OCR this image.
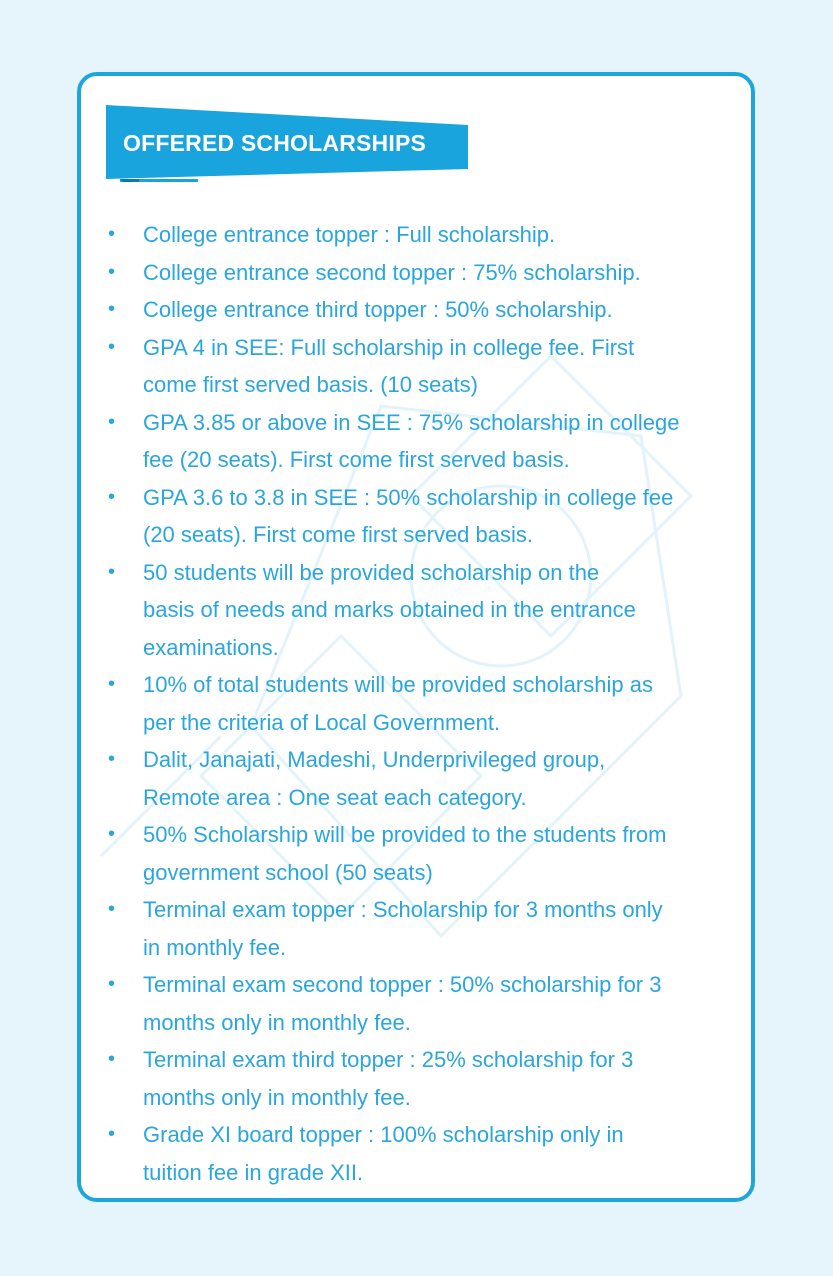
OFFERED SCHOLARSHIPS
• College entrance topper : Full scholarship.
• College entrance second topper : 75% scholarship.
• College entrance third topper : 50% scholarship.
• GPA 4 in SEE: Full scholarship in college fee. First
come first served basis. (10 seats)
• GPA 3.85 or above in SEE : 75% scholarship in college
fee (20 seats). First come first served basis.
• GPA 3.6 to 3.8 in SEE : 50% scholarship in college fee
(20 seats). First come first served basis.
• 50 students will be provided scholarship on the
basis of needs and marks obtained in the entrance
examinations.
• 10% of total students will be provided scholarship as
per the criteria of Local Government.
• Dalit, Janajati, Madeshi, Underprivileged group,
Remote area : One seat each category.
• 50% Scholarship will be provided to the students from
government school (50 seats)
• Terminal exam topper : Scholarship for 3 months only
in monthly fee.
• Terminal exam second topper : 50% scholarship for 3
months only in monthly fee.
• Terminal exam third topper : 25% scholarship for 3
months only in monthly fee.
• Grade XI board topper : 100% scholarship only in
tuition fee in grade XII.
